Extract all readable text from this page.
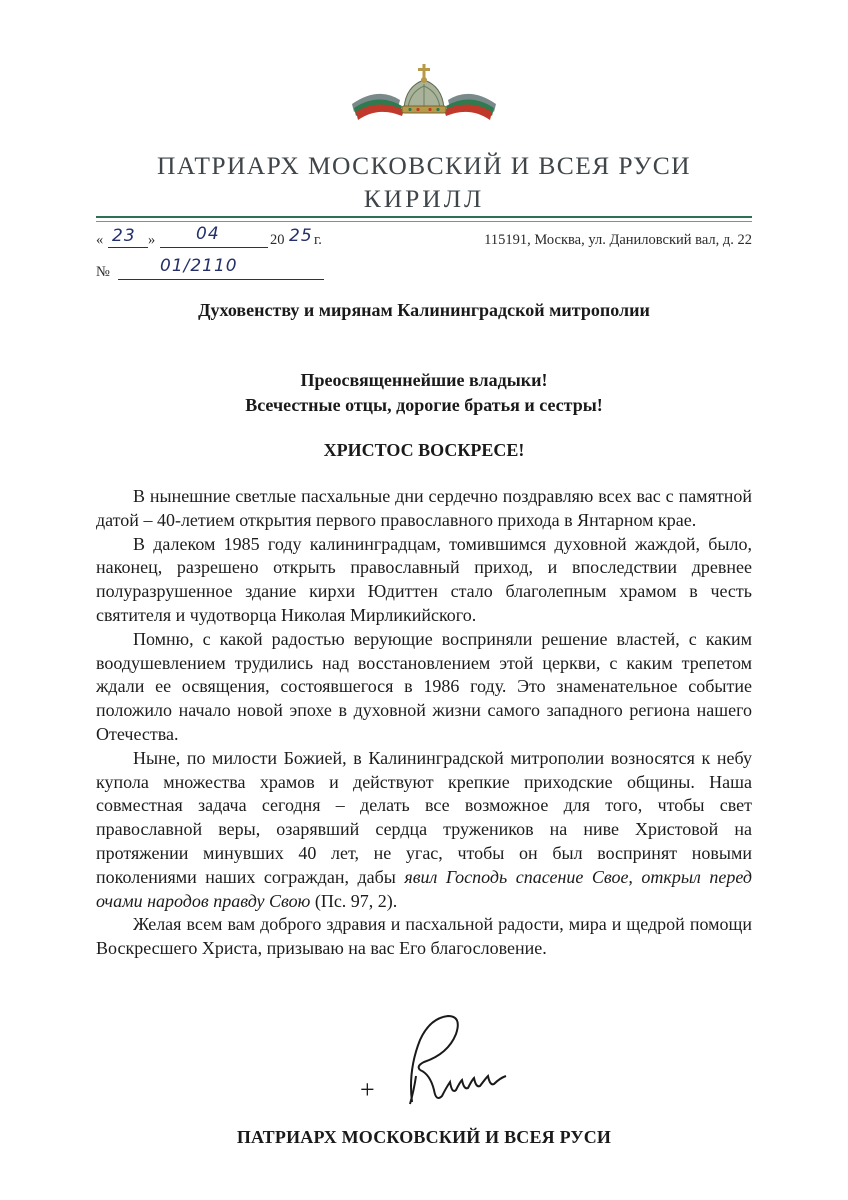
ПАТРИАРХ МОСКОВСКИЙ И ВСЕЯ РУСИ
КИРИЛЛ
« 23 » 04	20 25 г.	115191, Москва, ул. Даниловский вал, д. 22
№	01/2110
Духовенству и мирянам Калининградской митрополии
Преосвященнейшие владыки!
Всечестные отцы, дорогие братья и сестры!
ХРИСТОС ВОСКРЕСЕ!

В нынешние светлые пасхальные дни сердечно поздравляю всех вас с памятной датой – 40-летием открытия первого православного прихода в Янтарном крае.

В далеком 1985 году калининградцам, томившимся духовной жаждой, было, наконец, разрешено открыть православный приход, и впоследствии древнее полуразрушенное здание кирхи Юдиттен стало благолепным храмом в честь святителя и чудотворца Николая Мирликийского.

Помню, с какой радостью верующие восприняли решение властей, с каким воодушевлением трудились над восстановлением этой церкви, с каким трепетом ждали ее освящения, состоявшегося в 1986 году. Это знаменательное событие положило начало новой эпохе в духовной жизни самого западного региона нашего Отечества.

Ныне, по милости Божией, в Калининградской митрополии возносятся к небу купола множества храмов и действуют крепкие приходские общины. Наша совместная задача сегодня – делать все возможное для того, чтобы свет православной веры, озарявший сердца тружеников на ниве Христовой на протяжении минувших 40 лет, не угас, чтобы он был воспринят новыми поколениями наших сограждан, дабы явил Господь спасение Свое, открыл перед очами народов правду Свою (Пс. 97, 2).

Желая всем вам доброго здравия и пасхальной радости, мира и щедрой помощи Воскресшего Христа, призываю на вас Его благословение.

+
ПАТРИАРХ МОСКОВСКИЙ И ВСЕЯ РУСИ
